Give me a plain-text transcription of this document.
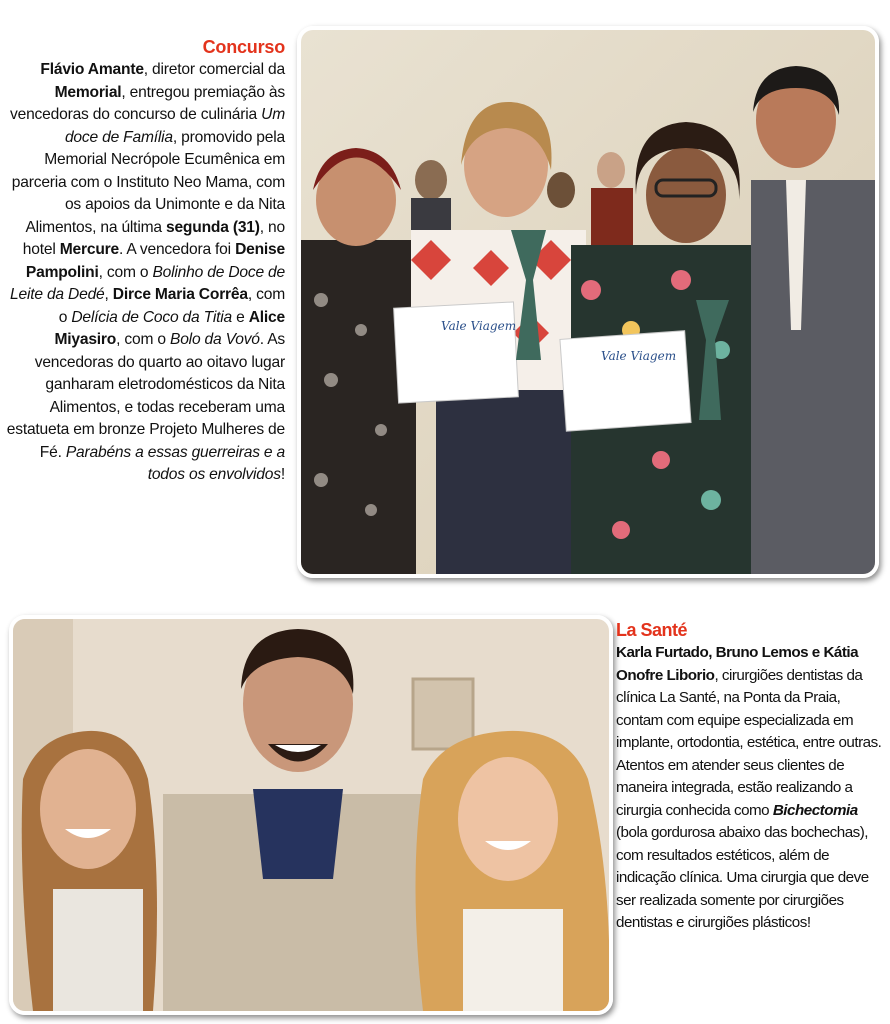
Concurso

Flávio Amante, diretor comercial da Memorial, entregou premiação às vencedoras do concurso de culinária Um doce de Família, promovido pela Memorial Necrópole Ecumênica em parceria com o Instituto Neo Mama, com os apoios da Unimonte e da Nita Alimentos, na última segunda (31), no hotel Mercure. A vencedora foi Denise Pampolini, com o Bolinho de Doce de Leite da Dedé, Dirce Maria Corrêa, com o Delícia de Coco da Titia e Alice Miyasiro, com o Bolo da Vovó. As vencedoras do quarto ao oitavo lugar ganharam eletrodomésticos da Nita Alimentos, e todas receberam uma estatueta em bronze Projeto Mulheres de Fé. Parabéns a essas guerreiras e a todos os envolvidos!

Vale Viagem
Vale Viagem
La Santé

Karla Furtado, Bruno Lemos e Kátia Onofre Liborio, cirurgiões dentistas da clínica La Santé, na Ponta da Praia, contam com equipe especializada em implante, ortodontia, estética, entre outras. Atentos em atender seus clientes de maneira integrada, estão realizando a cirurgia conhecida como Bichectomia (bola gordurosa abaixo das bochechas), com resultados estéticos, além de indicação clínica. Uma cirurgia que deve ser realizada somente por cirurgiões dentistas e cirurgiões plásticos!
